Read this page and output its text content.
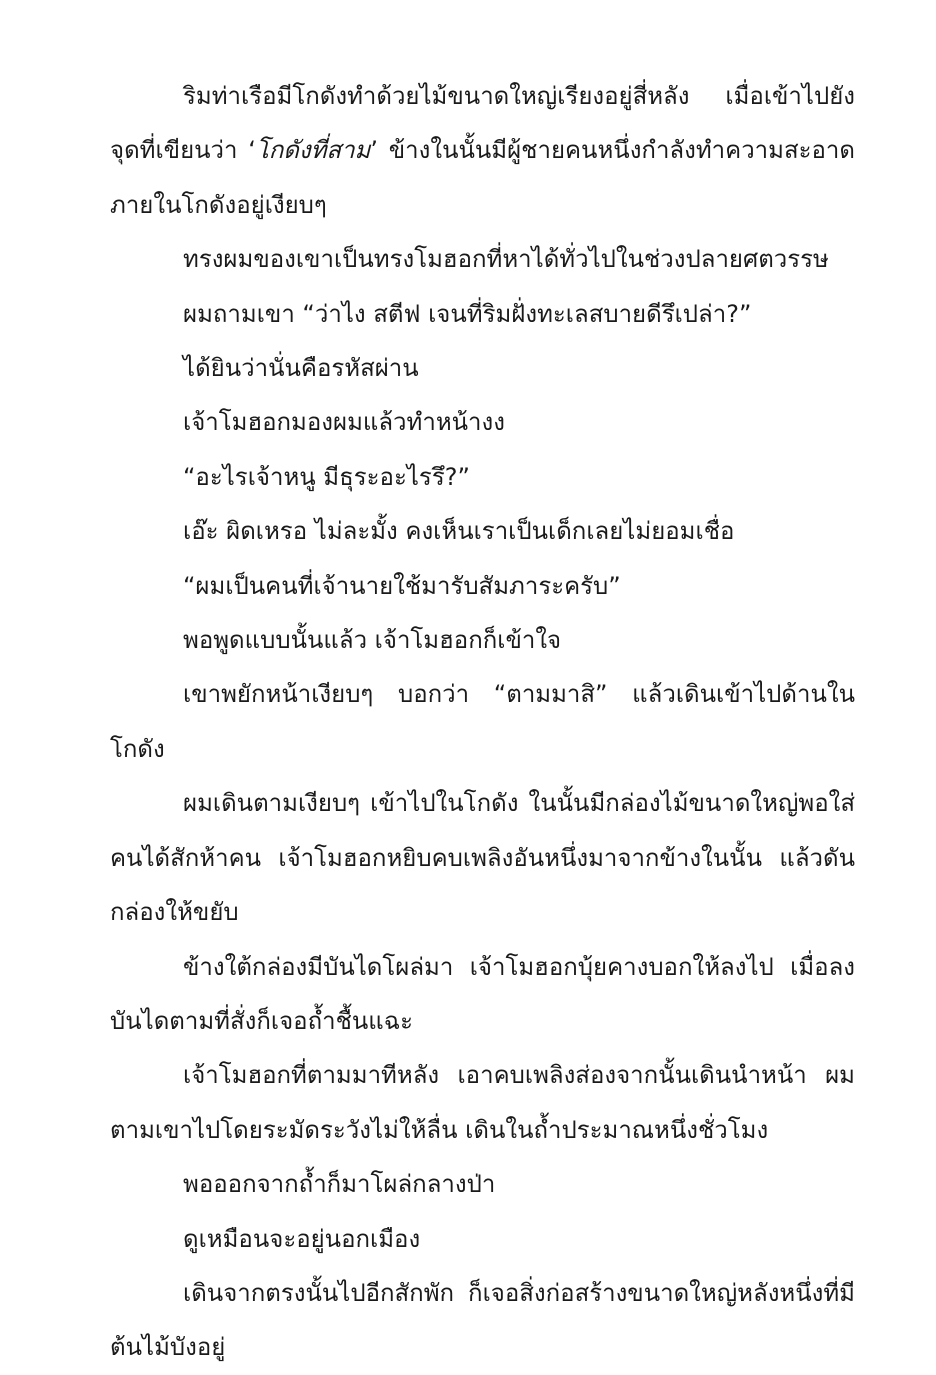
ริมท่าเรือมีโกดังทำด้วยไม้ขนาดใหญ่เรียงอยู่สี่หลัง เมื่อเข้าไปยังจุดที่เขียนว่า ‘โกดังที่สาม’ ข้างในนั้นมีผู้ชายคนหนึ่งกำลังทำความสะอาดภายในโกดังอยู่เงียบๆ

ทรงผมของเขาเป็นทรงโมฮอกที่หาได้ทั่วไปในช่วงปลายศตวรรษ

ผมถามเขา “ว่าไง สตีฟ เจนที่ริมฝั่งทะเลสบายดีรึเปล่า?”

ได้ยินว่านั่นคือรหัสผ่าน

เจ้าโมฮอกมองผมแล้วทำหน้างง

“อะไรเจ้าหนู มีธุระอะไรรึ?”

เอ๊ะ ผิดเหรอ ไม่ละมั้ง คงเห็นเราเป็นเด็กเลยไม่ยอมเชื่อ

“ผมเป็นคนที่เจ้านายใช้มารับสัมภาระครับ”

พอพูดแบบนั้นแล้ว เจ้าโมฮอกก็เข้าใจ

เขาพยักหน้าเงียบๆ บอกว่า “ตามมาสิ” แล้วเดินเข้าไปด้านในโกดัง

ผมเดินตามเงียบๆ เข้าไปในโกดัง ในนั้นมีกล่องไม้ขนาดใหญ่พอใส่คนได้สักห้าคน เจ้าโมฮอกหยิบคบเพลิงอันหนึ่งมาจากข้างในนั้น แล้วดันกล่องให้ขยับ

ข้างใต้กล่องมีบันไดโผล่มา เจ้าโมฮอกบุ้ยคางบอกให้ลงไป เมื่อลงบันไดตามที่สั่งก็เจอถ้ำชื้นแฉะ

เจ้าโมฮอกที่ตามมาทีหลัง เอาคบเพลิงส่องจากนั้นเดินนำหน้า ผมตามเขาไปโดยระมัดระวังไม่ให้ลื่น เดินในถ้ำประมาณหนึ่งชั่วโมง

พอออกจากถ้ำก็มาโผล่กลางป่า

ดูเหมือนจะอยู่นอกเมือง

เดินจากตรงนั้นไปอีกสักพัก ก็เจอสิ่งก่อสร้างขนาดใหญ่หลังหนึ่งที่มีต้นไม้บังอยู่
